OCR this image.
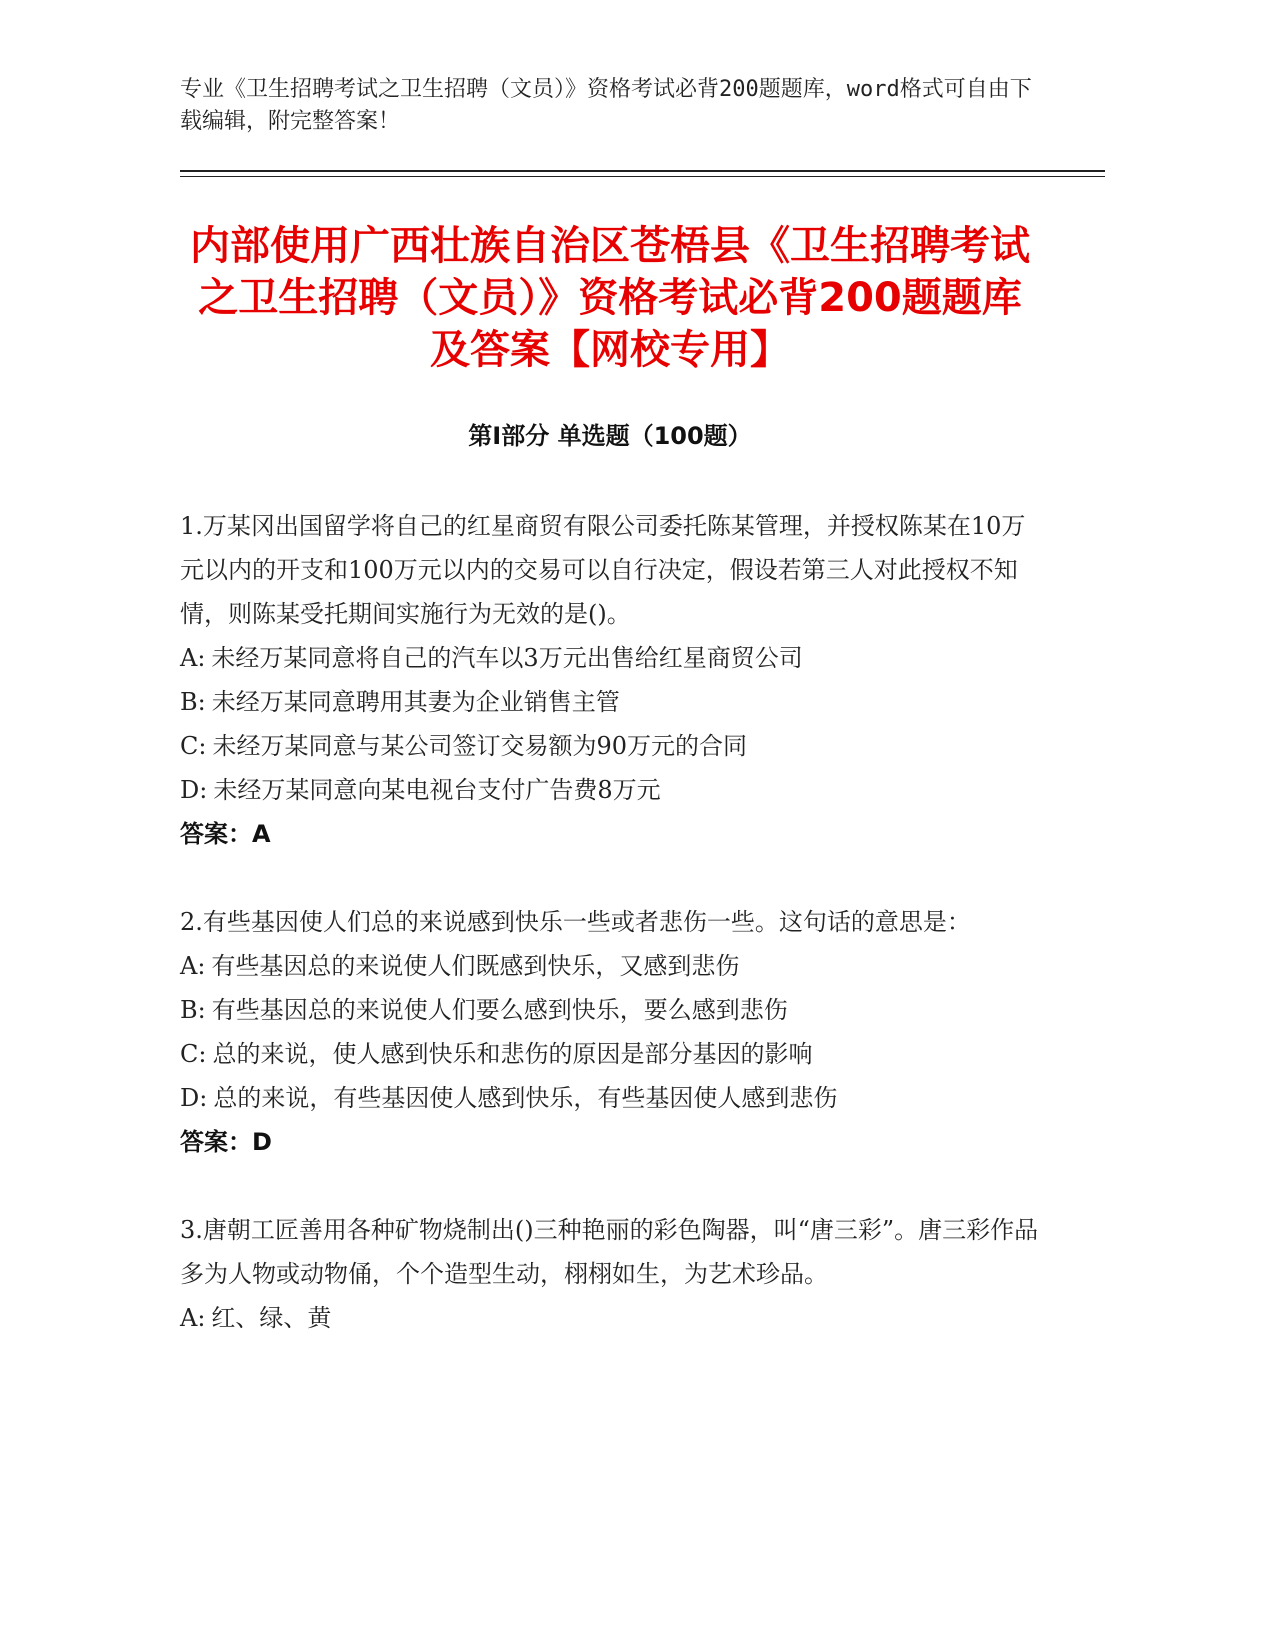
专业《卫生招聘考试之卫生招聘（文员）》资格考试必背200题题库，word格式可自由下载编辑，附完整答案！
内部使用广西壮族自治区苍梧县《卫生招聘考试之卫生招聘（文员）》资格考试必背200题题库及答案【网校专用】
第Ⅰ部分 单选题（100题）

1.万某冈出国留学将自己的红星商贸有限公司委托陈某管理，并授权陈某在10万元以内的开支和100万元以内的交易可以自行决定，假设若第三人对此授权不知情，则陈某受托期间实施行为无效的是()。

A: 未经万某同意将自己的汽车以3万元出售给红星商贸公司

B: 未经万某同意聘用其妻为企业销售主管

C: 未经万某同意与某公司签订交易额为90万元的合同

D: 未经万某同意向某电视台支付广告费8万元

答案：A

2.有些基因使人们总的来说感到快乐一些或者悲伤一些。这句话的意思是：

A: 有些基因总的来说使人们既感到快乐，又感到悲伤

B: 有些基因总的来说使人们要么感到快乐，要么感到悲伤

C: 总的来说，使人感到快乐和悲伤的原因是部分基因的影响

D: 总的来说，有些基因使人感到快乐，有些基因使人感到悲伤

答案：D

3.唐朝工匠善用各种矿物烧制出()三种艳丽的彩色陶器，叫“唐三彩”。唐三彩作品多为人物或动物俑，个个造型生动，栩栩如生，为艺术珍品。

A: 红、绿、黄
